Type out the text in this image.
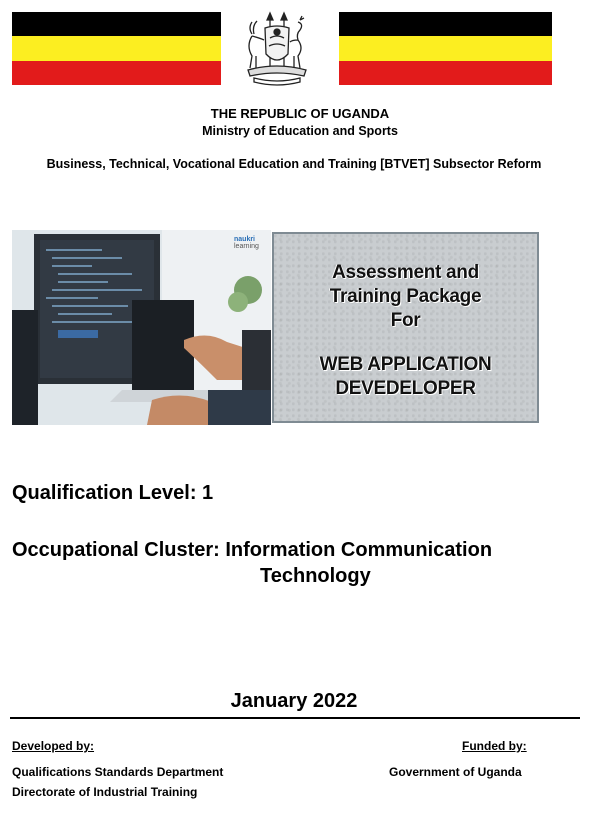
THE REPUBLIC OF UGANDA
Ministry of Education and Sports
Business, Technical, Vocational Education and Training [BTVET] Subsector Reform
naukri
learning
Assessment and
Training Package
For
WEB APPLICATION
DEVEDELOPER
Qualification Level: 1
Occupational Cluster: Information Communication
Technology
January 2022
Developed by:
Qualifications Standards Department
Directorate of Industrial Training
Funded by:
Government of Uganda
